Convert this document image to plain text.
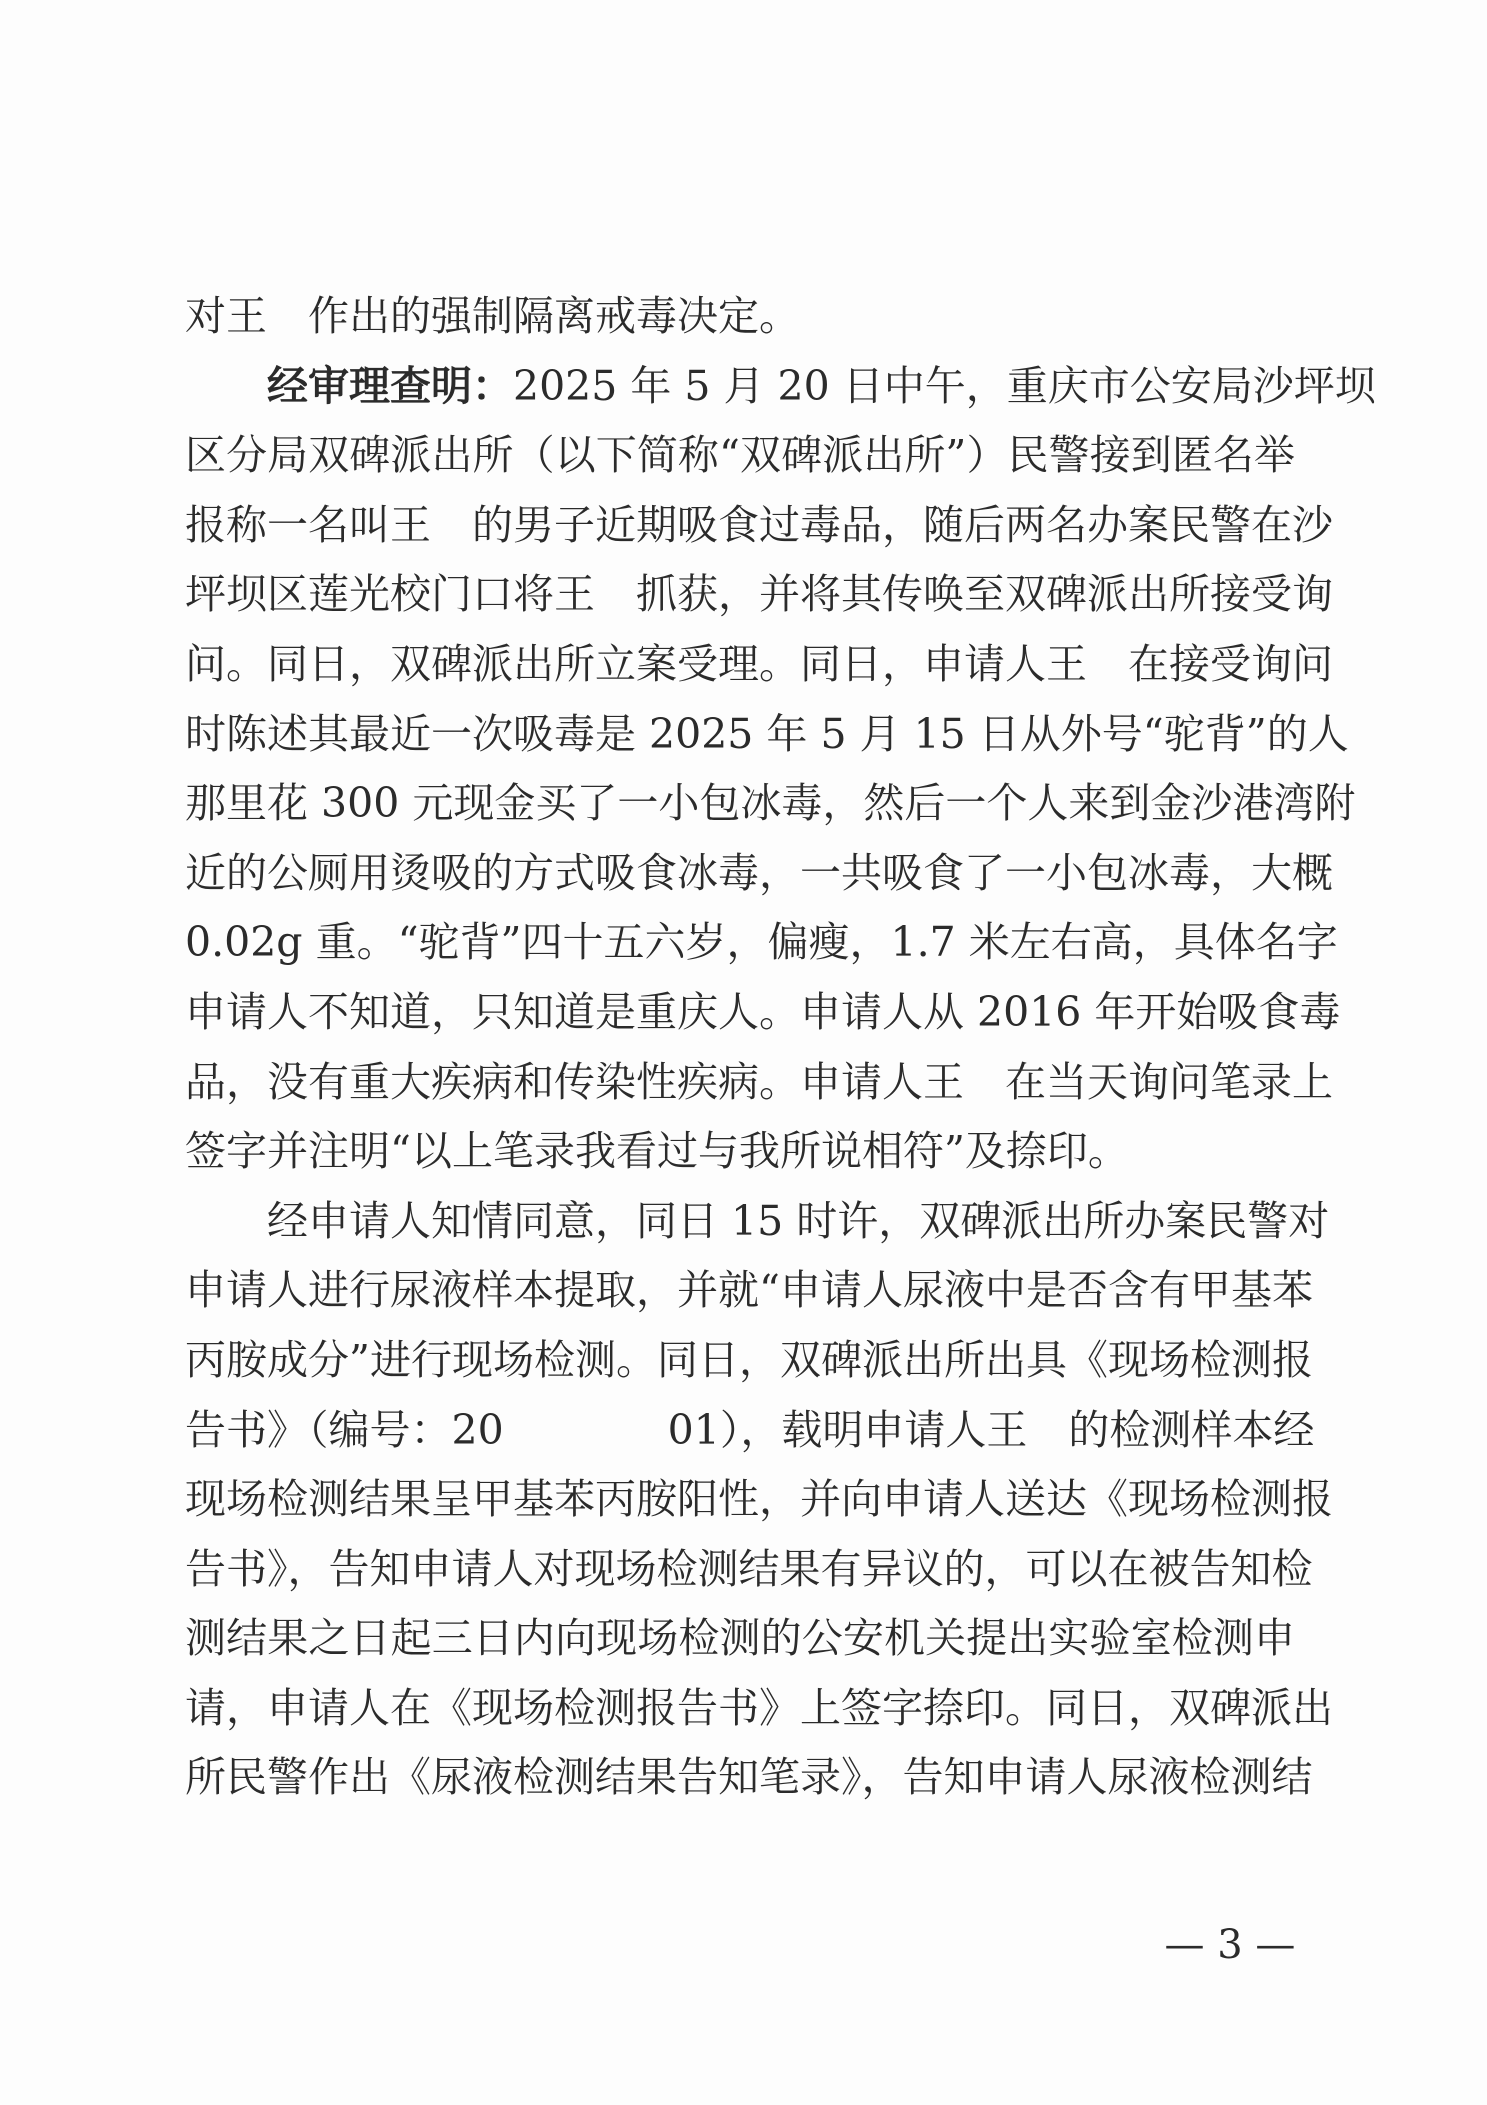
对王　作出的强制隔离戒毒决定。
经审理查明：2025 年 5 月 20 日中午，重庆市公安局沙坪坝
区分局双碑派出所（以下简称“双碑派出所”）民警接到匿名举
报称一名叫王　的男子近期吸食过毒品，随后两名办案民警在沙
坪坝区莲光校门口将王　抓获，并将其传唤至双碑派出所接受询
问。同日，双碑派出所立案受理。同日，申请人王　在接受询问
时陈述其最近一次吸毒是 2025 年 5 月 15 日从外号“驼背”的人
那里花 300 元现金买了一小包冰毒，然后一个人来到金沙港湾附
近的公厕用烫吸的方式吸食冰毒，一共吸食了一小包冰毒，大概
0.02g 重。“驼背”四十五六岁，偏瘦，1.7 米左右高，具体名字
申请人不知道，只知道是重庆人。申请人从 2016 年开始吸食毒
品，没有重大疾病和传染性疾病。申请人王　在当天询问笔录上
签字并注明“以上笔录我看过与我所说相符”及捺印。
经申请人知情同意，同日 15 时许，双碑派出所办案民警对
申请人进行尿液样本提取，并就“申请人尿液中是否含有甲基苯
丙胺成分”进行现场检测。同日，双碑派出所出具《现场检测报
告书》（编号：20　　　　01），载明申请人王　的检测样本经
现场检测结果呈甲基苯丙胺阳性，并向申请人送达《现场检测报
告书》，告知申请人对现场检测结果有异议的，可以在被告知检
测结果之日起三日内向现场检测的公安机关提出实验室检测申
请，申请人在《现场检测报告书》上签字捺印。同日，双碑派出
所民警作出《尿液检测结果告知笔录》，告知申请人尿液检测结
— 3 —
